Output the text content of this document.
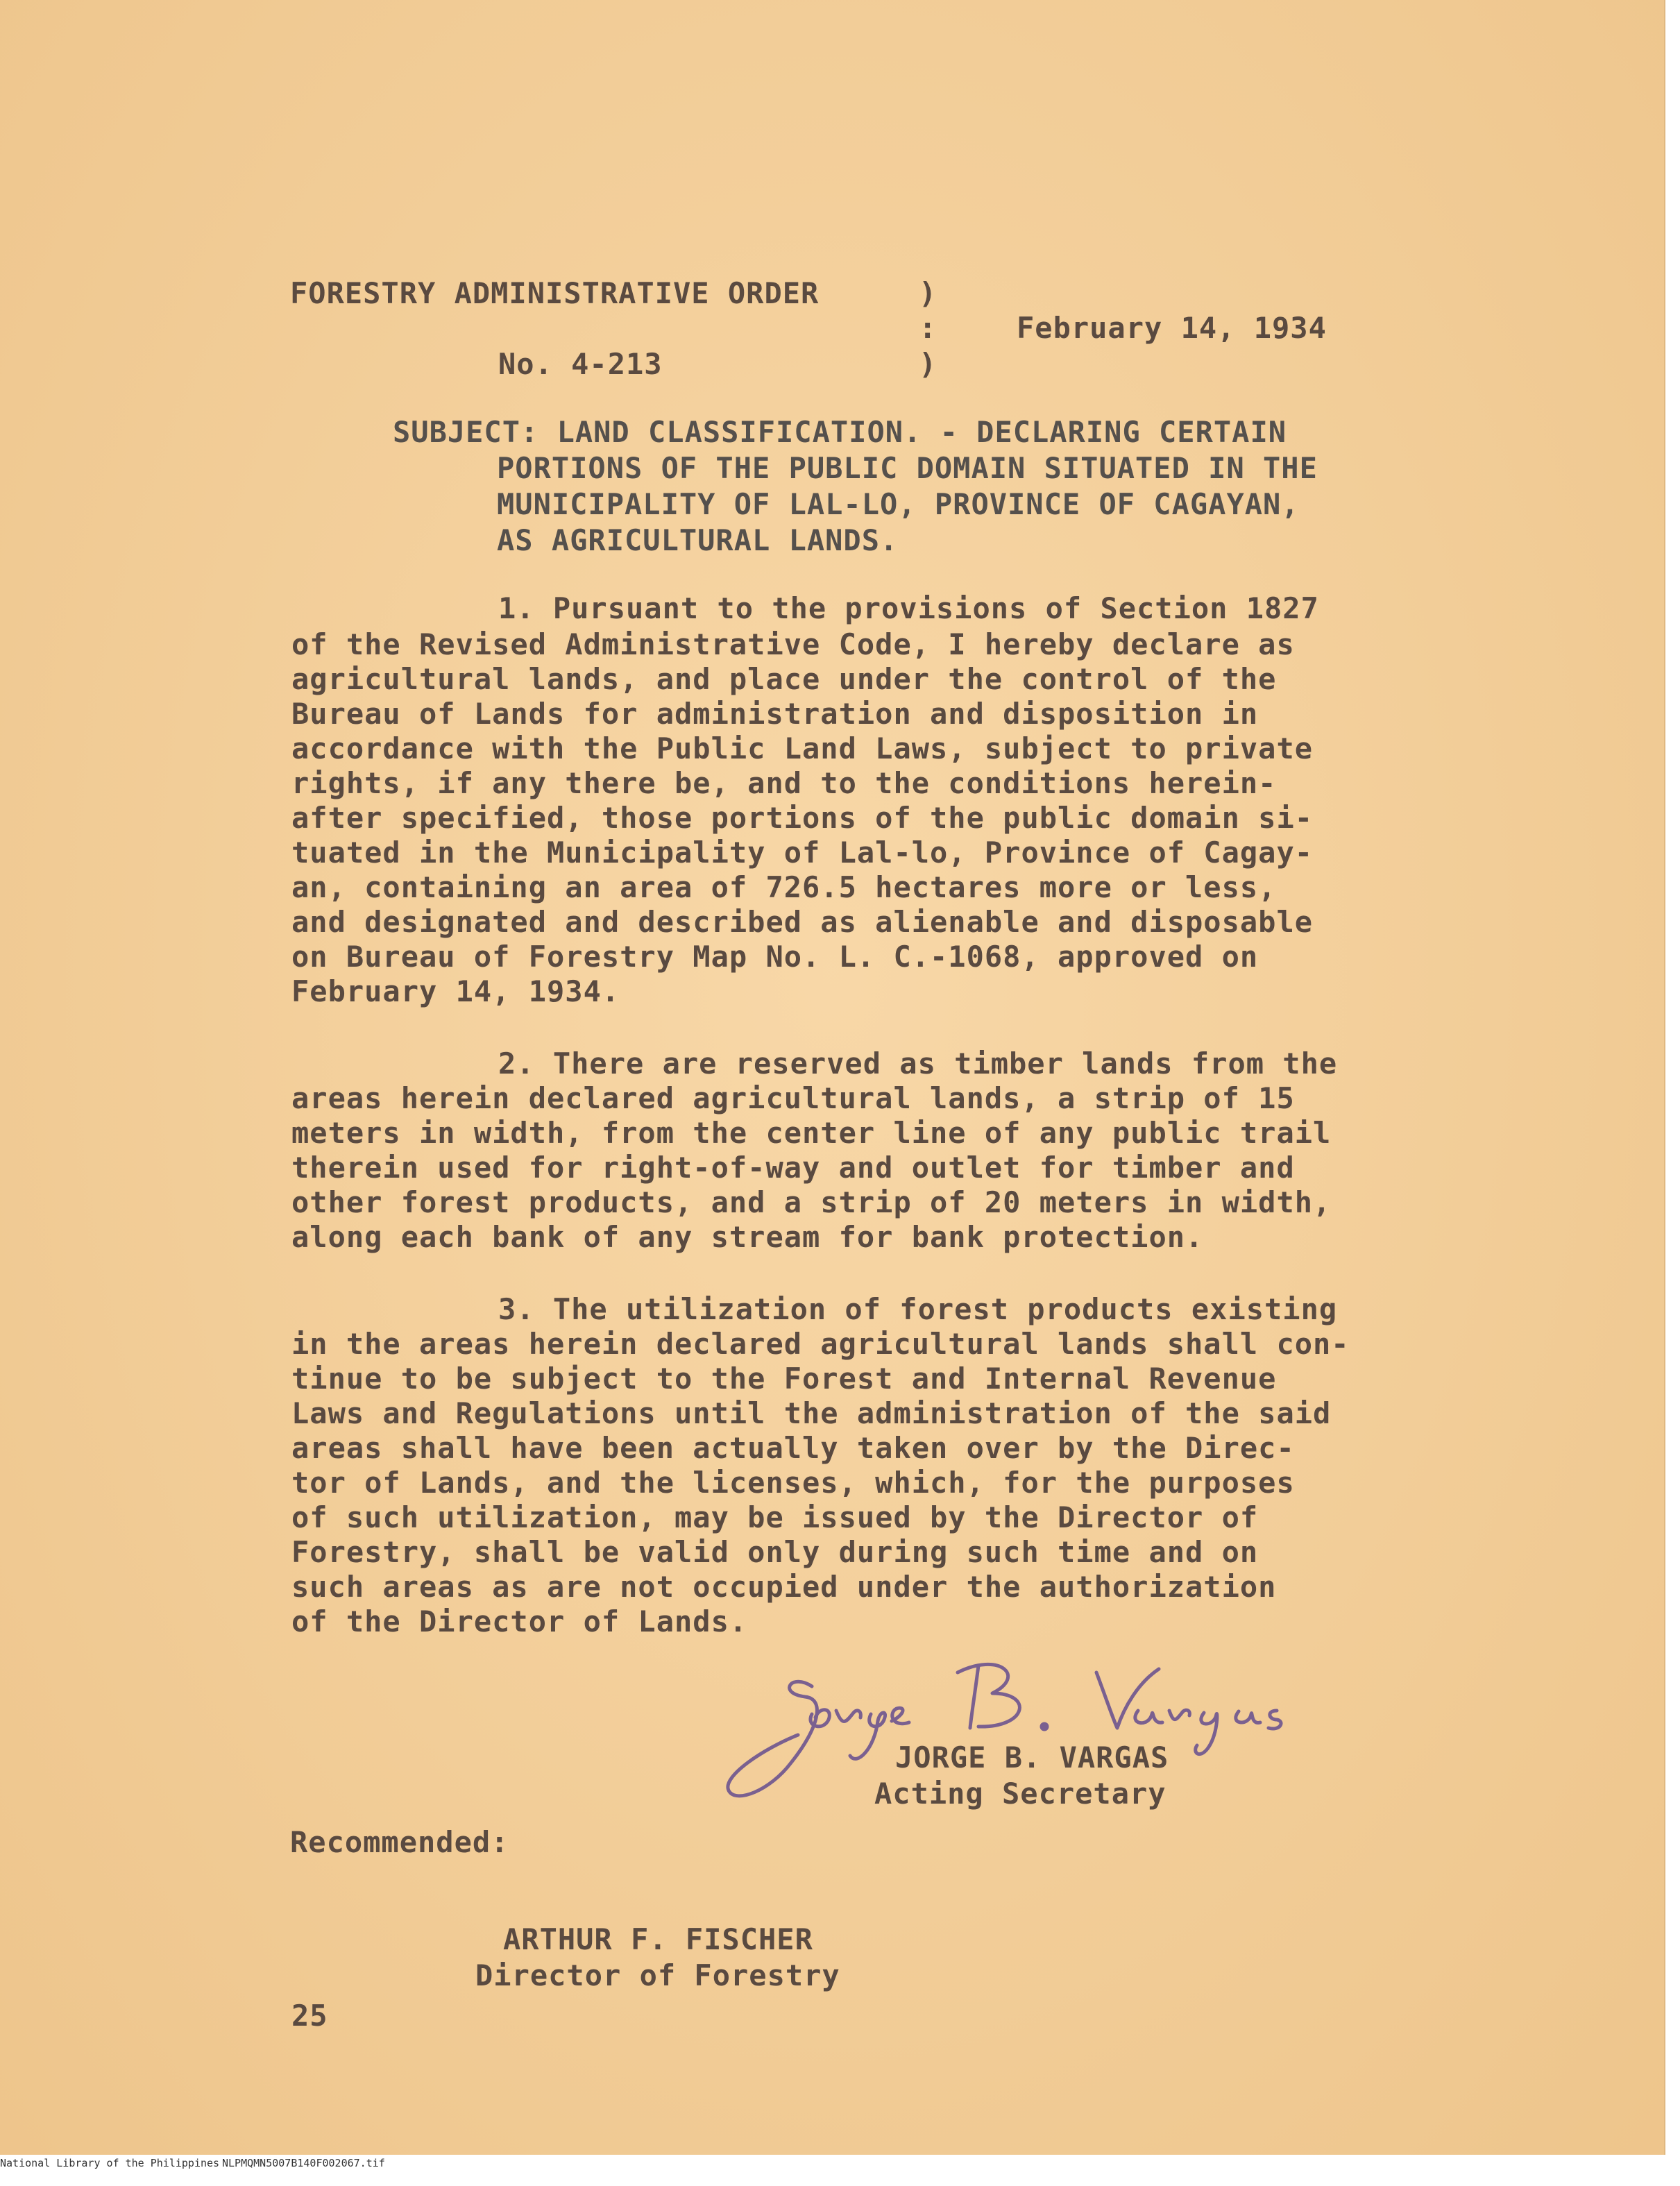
FORESTRY ADMINISTRATIVE ORDER	)

:	February 14, 1934

No. 4-213	)

SUBJECT: LAND CLASSIFICATION. - DECLARING CERTAIN

PORTIONS OF THE PUBLIC DOMAIN SITUATED IN THE

MUNICIPALITY OF LAL-LO, PROVINCE OF CAGAYAN,

AS AGRICULTURAL LANDS.

1. Pursuant to the provisions of Section 1827

of the Revised Administrative Code, I hereby declare as

agricultural lands, and place under the control of the

Bureau of Lands for administration and disposition in

accordance with the Public Land Laws, subject to private

rights, if any there be, and to the conditions herein-

after specified, those portions of the public domain si-

tuated in the Municipality of Lal-lo, Province of Cagay-

an, containing an area of 726.5 hectares more or less,

and designated and described as alienable and disposable

on Bureau of Forestry Map No. L. C.-1068, approved on

February 14, 1934.

2. There are reserved as timber lands from the

areas herein declared agricultural lands, a strip of 15

meters in width, from the center line of any public trail

therein used for right-of-way and outlet for timber and

other forest products, and a strip of 20 meters in width,

along each bank of any stream for bank protection.

3. The utilization of forest products existing

in the areas herein declared agricultural lands shall con-

tinue to be subject to the Forest and Internal Revenue

Laws and Regulations until the administration of the said

areas shall have been actually taken over by the Direc-

tor of Lands, and the licenses, which, for the purposes

of such utilization, may be issued by the Director of

Forestry, shall be valid only during such time and on

such areas as are not occupied under the authorization

of the Director of Lands.

JORGE B. VARGAS

Acting Secretary

Recommended:

ARTHUR F. FISCHER

Director of Forestry

25

National Library of the Philippines NLPMQMN5007B140F002067.tif
